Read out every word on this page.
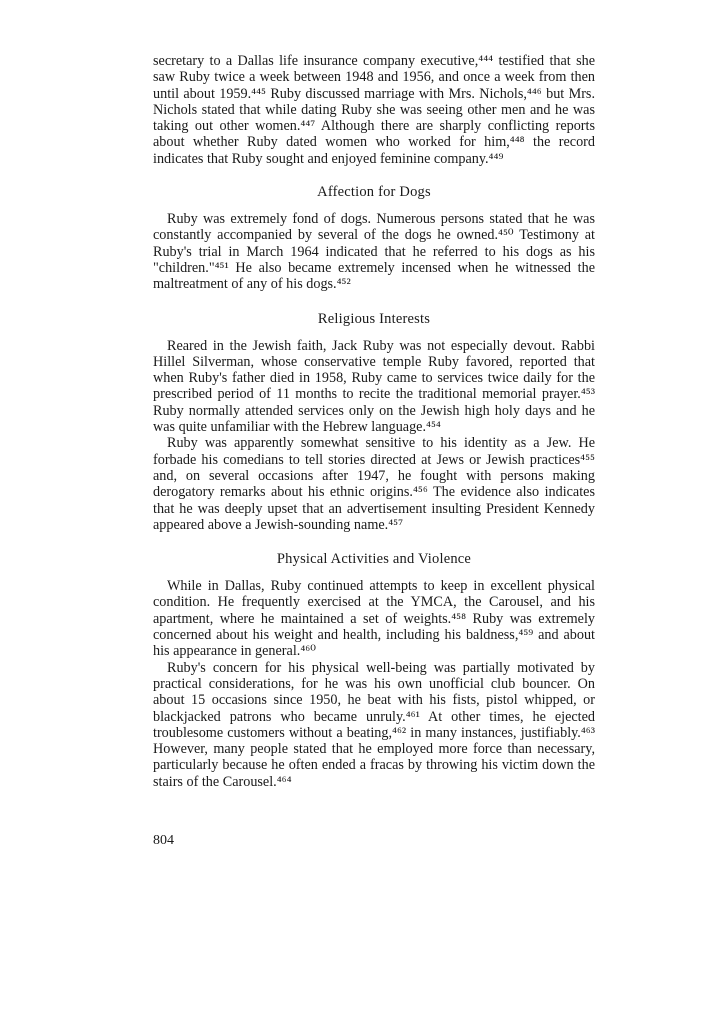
secretary to a Dallas life insurance company executive,⁴⁴⁴ testified that she saw Ruby twice a week between 1948 and 1956, and once a week from then until about 1959.⁴⁴⁵ Ruby discussed marriage with Mrs. Nichols,⁴⁴⁶ but Mrs. Nichols stated that while dating Ruby she was seeing other men and he was taking out other women.⁴⁴⁷ Although there are sharply conflicting reports about whether Ruby dated women who worked for him,⁴⁴⁸ the record indicates that Ruby sought and enjoyed feminine company.⁴⁴⁹

Affection for Dogs

Ruby was extremely fond of dogs. Numerous persons stated that he was constantly accompanied by several of the dogs he owned.⁴⁵⁰ Testimony at Ruby's trial in March 1964 indicated that he referred to his dogs as his "children."⁴⁵¹ He also became extremely incensed when he witnessed the maltreatment of any of his dogs.⁴⁵²

Religious Interests

Reared in the Jewish faith, Jack Ruby was not especially devout. Rabbi Hillel Silverman, whose conservative temple Ruby favored, reported that when Ruby's father died in 1958, Ruby came to services twice daily for the prescribed period of 11 months to recite the traditional memorial prayer.⁴⁵³ Ruby normally attended services only on the Jewish high holy days and he was quite unfamiliar with the Hebrew language.⁴⁵⁴

Ruby was apparently somewhat sensitive to his identity as a Jew. He forbade his comedians to tell stories directed at Jews or Jewish practices⁴⁵⁵ and, on several occasions after 1947, he fought with persons making derogatory remarks about his ethnic origins.⁴⁵⁶ The evidence also indicates that he was deeply upset that an advertisement insulting President Kennedy appeared above a Jewish-sounding name.⁴⁵⁷

Physical Activities and Violence

While in Dallas, Ruby continued attempts to keep in excellent physical condition. He frequently exercised at the YMCA, the Carousel, and his apartment, where he maintained a set of weights.⁴⁵⁸ Ruby was extremely concerned about his weight and health, including his baldness,⁴⁵⁹ and about his appearance in general.⁴⁶⁰

Ruby's concern for his physical well-being was partially motivated by practical considerations, for he was his own unofficial club bouncer. On about 15 occasions since 1950, he beat with his fists, pistol whipped, or blackjacked patrons who became unruly.⁴⁶¹ At other times, he ejected troublesome customers without a beating,⁴⁶² in many instances, justifiably.⁴⁶³ However, many people stated that he employed more force than necessary, particularly because he often ended a fracas by throwing his victim down the stairs of the Carousel.⁴⁶⁴

804
